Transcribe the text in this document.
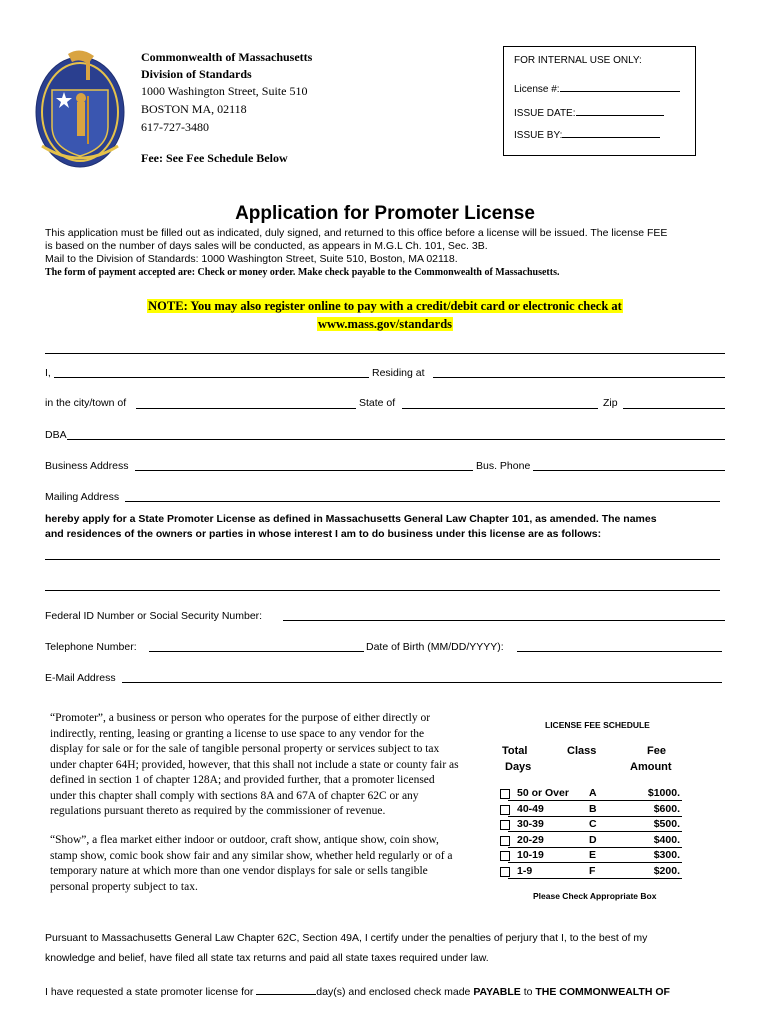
Commonwealth of Massachusetts
Division of Standards
1000 Washington Street, Suite 510
BOSTON MA, 02118
617-727-3480
Fee: See Fee Schedule Below
FOR INTERNAL USE ONLY:
License #:
ISSUE DATE:
ISSUE BY:
Application for Promoter License
This application must be filled out as indicated, duly signed, and returned to this office before a license will be issued. The license FEE
is based on the number of days sales will be conducted, as appears in M.G.L Ch. 101, Sec. 3B.
Mail to the Division of Standards: 1000 Washington Street, Suite 510, Boston, MA 02118.
The form of payment accepted are: Check or money order. Make check payable to the Commonwealth of Massachusetts.
NOTE: You may also register online to pay with a credit/debit card or electronic check at
www.mass.gov/standards
I,	Residing at
in the city/town of	State of	Zip
DBA
Business Address	Bus. Phone
Mailing Address
hereby apply for a State Promoter License as defined in Massachusetts General Law Chapter 101, as amended. The names
and residences of the owners or parties in whose interest I am to do business under this license are as follows:
Federal ID Number or Social Security Number:
Telephone Number:	Date of Birth (MM/DD/YYYY):
E-Mail Address
“Promoter”, a business or person who operates for the purpose of either directly or
indirectly, renting, leasing or granting a license to use space to any vendor for the
display for sale or for the sale of tangible personal property or services subject to tax
under chapter 64H; provided, however, that this shall not include a state or county fair as
defined in section 1 of chapter 128A; and provided further, that a promoter licensed
under this chapter shall comply with sections 8A and 67A of chapter 62C or any
regulations pursuant thereto as required by the commissioner of revenue.
“Show”, a flea market either indoor or outdoor, craft show, antique show, coin show,
stamp show, comic book show fair and any similar show, whether held regularly or of a
temporary nature at which more than one vendor displays for sale or sells tangible
personal property subject to tax.
LICENSE FEE SCHEDULE
Total
Days
Class	Fee
Amount
50 or Over A	$1000.
40-49	B	$600.
30-39	C	$500.
20-29	D	$400.
10-19	E	$300.
1-9	F	$200.
Please Check Appropriate Box
Pursuant to Massachusetts General Law Chapter 62C, Section 49A, I certify under the penalties of perjury that I, to the best of my
knowledge and belief, have filed all state tax returns and paid all state taxes required under law.
I have requested a state promoter license for	day(s) and enclosed check made PAYABLE to THE COMMONWEALTH OF
